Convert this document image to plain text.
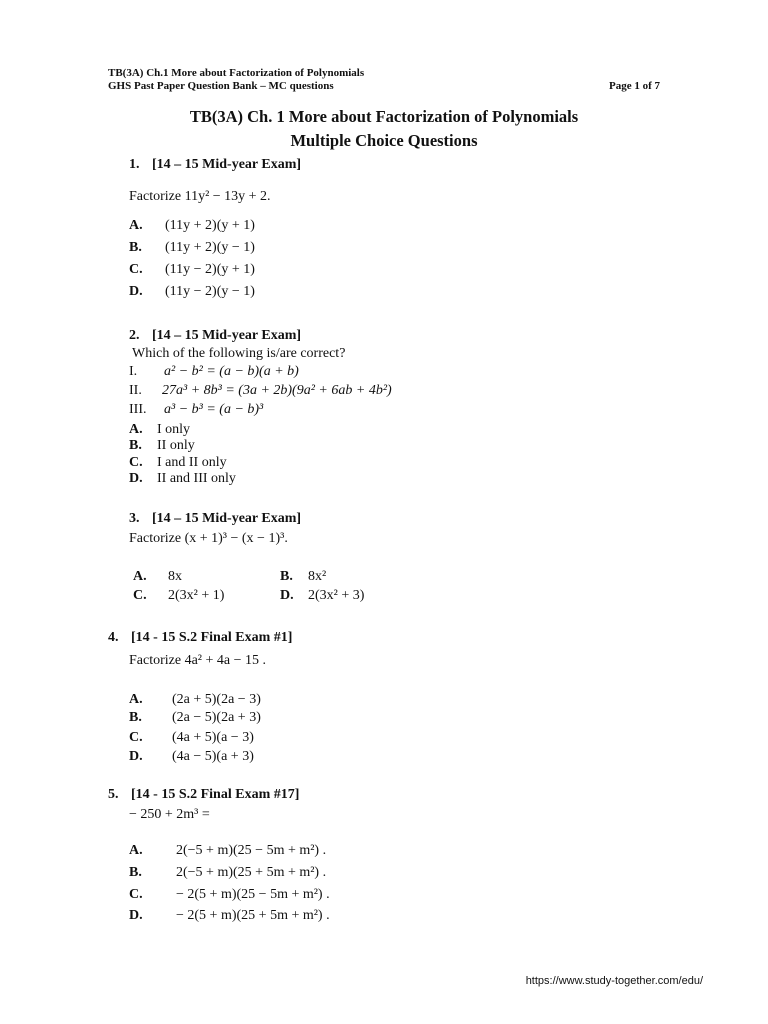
TB(3A) Ch.1 More about Factorization of Polynomials
GHS Past Paper Question Bank – MC questions	Page 1 of 7
TB(3A) Ch. 1 More about Factorization of Polynomials
Multiple Choice Questions
1. [14 – 15 Mid-year Exam]
Factorize 11y² − 13y + 2.
A. (11y + 2)(y + 1)
B. (11y + 2)(y − 1)
C. (11y − 2)(y + 1)
D. (11y − 2)(y − 1)
2. [14 – 15 Mid-year Exam]
Which of the following is/are correct?
I. a² − b² = (a − b)(a + b)
II. 27a³ + 8b³ = (3a + 2b)(9a² + 6ab + 4b²)
III. a³ − b³ = (a − b)³
A. I only
B. II only
C. I and II only
D. II and III only
3. [14 – 15 Mid-year Exam]
Factorize (x + 1)³ − (x − 1)³.
A. 8x	B. 8x²
C. 2(3x² + 1)	D. 2(3x² + 3)
4. [14 - 15 S.2 Final Exam #1]
Factorize 4a² + 4a − 15 .
A. (2a + 5)(2a − 3)
B. (2a − 5)(2a + 3)
C. (4a + 5)(a − 3)
D. (4a − 5)(a + 3)
5. [14 - 15 S.2 Final Exam #17]
− 250 + 2m³ =
A. 2(−5 + m)(25 − 5m + m²) .
B. 2(−5 + m)(25 + 5m + m²) .
C. − 2(5 + m)(25 − 5m + m²) .
D. − 2(5 + m)(25 + 5m + m²) .
https://www.study-together.com/edu/
